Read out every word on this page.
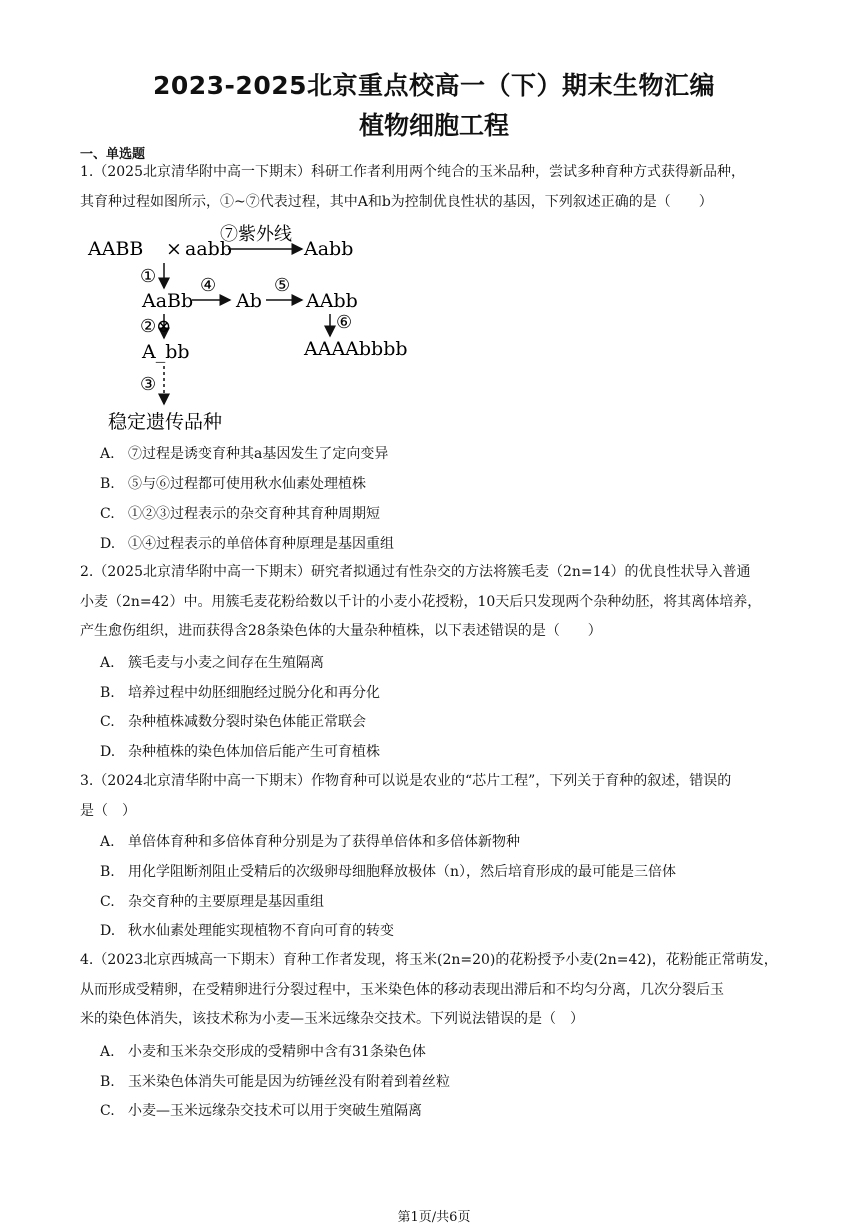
2023-2025北京重点校高一（下）期末生物汇编
植物细胞工程
一、单选题
1.（2025北京清华附中高一下期末）科研工作者利用两个纯合的玉米品种，尝试多种育种方式获得新品种，
其育种过程如图所示，①~⑦代表过程，其中A和b为控制优良性状的基因，下列叙述正确的是（　　）
AABB × aabb
⑦紫外线
Aabb
①
AaBb
④
Ab
⑤
AAbb
②⊗	⑥
A_bb	AAAAbbbb
③
稳定遗传品种
A. ⑦过程是诱变育种其a基因发生了定向变异
B. ⑤与⑥过程都可使用秋水仙素处理植株
C. ①②③过程表示的杂交育种其育种周期短
D. ①④过程表示的单倍体育种原理是基因重组
2.（2025北京清华附中高一下期末）研究者拟通过有性杂交的方法将簇毛麦（2n=14）的优良性状导入普通
小麦（2n=42）中。用簇毛麦花粉给数以千计的小麦小花授粉，10天后只发现两个杂种幼胚，将其离体培养，
产生愈伤组织，进而获得含28条染色体的大量杂种植株，以下表述错误的是（　　）
A. 簇毛麦与小麦之间存在生殖隔离
B. 培养过程中幼胚细胞经过脱分化和再分化
C. 杂种植株减数分裂时染色体能正常联会
D. 杂种植株的染色体加倍后能产生可育植株
3.（2024北京清华附中高一下期末）作物育种可以说是农业的“芯片工程”，下列关于育种的叙述，错误的
是（　）
A. 单倍体育种和多倍体育种分别是为了获得单倍体和多倍体新物种
B. 用化学阻断剂阻止受精后的次级卵母细胞释放极体（n），然后培育形成的最可能是三倍体
C. 杂交育种的主要原理是基因重组
D. 秋水仙素处理能实现植物不育向可育的转变
4.（2023北京西城高一下期末）育种工作者发现，将玉米(2n=20)的花粉授予小麦(2n=42)，花粉能正常萌发，
从而形成受精卵，在受精卵进行分裂过程中，玉米染色体的移动表现出滞后和不均匀分离，几次分裂后玉
米的染色体消失，该技术称为小麦—玉米远缘杂交技术。下列说法错误的是（　）
A. 小麦和玉米杂交形成的受精卵中含有31条染色体
B. 玉米染色体消失可能是因为纺锤丝没有附着到着丝粒
C. 小麦—玉米远缘杂交技术可以用于突破生殖隔离
第1页/共6页
